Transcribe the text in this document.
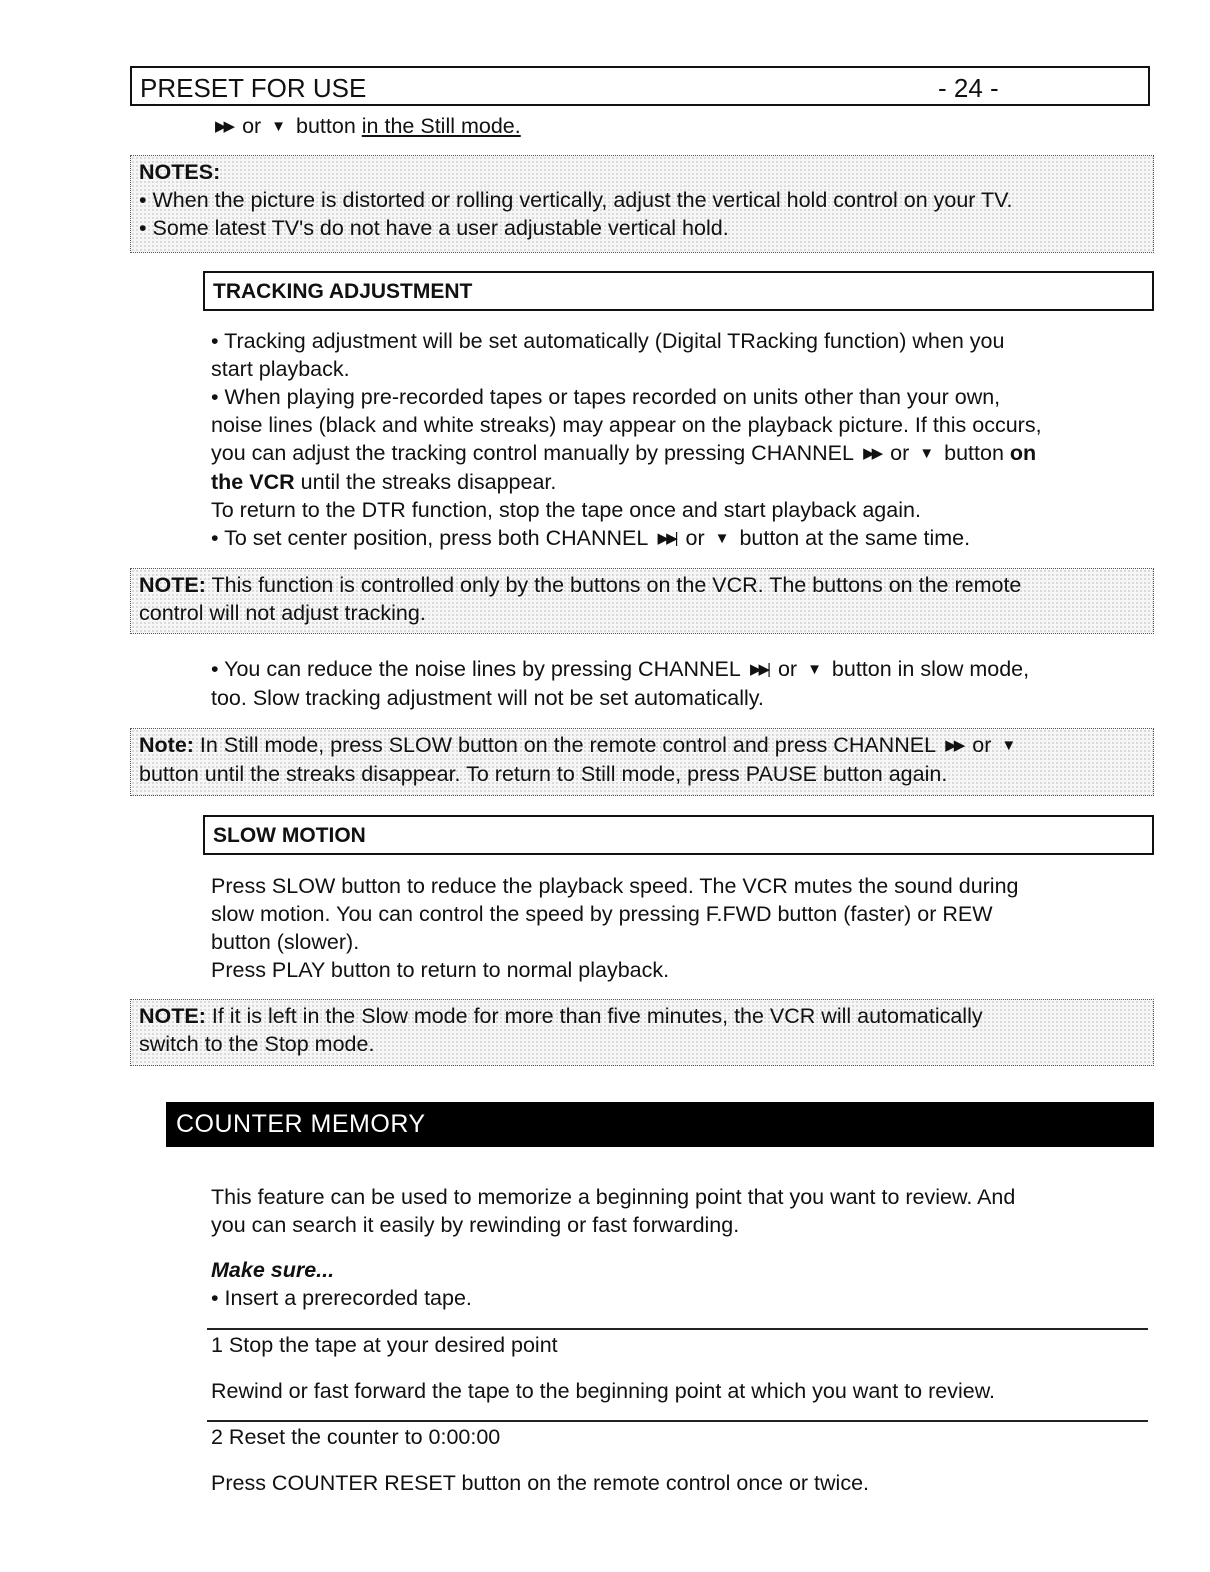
PRESET FOR USE	- 24 -
▶▶ or ▼ button in the Still mode.
NOTES:
• When the picture is distorted or rolling vertically, adjust the vertical hold control on your TV.
• Some latest TV's do not have a user adjustable vertical hold.
TRACKING ADJUSTMENT
• Tracking adjustment will be set automatically (Digital TRacking function) when you
start playback.
• When playing pre-recorded tapes or tapes recorded on units other than your own,
noise lines (black and white streaks) may appear on the playback picture. If this occurs,
you can adjust the tracking control manually by pressing CHANNEL ▶▶ or ▼ button on
the VCR until the streaks disappear.
To return to the DTR function, stop the tape once and start playback again.
• To set center position, press both CHANNEL ▶▶| or ▼ button at the same time.
NOTE: This function is controlled only by the buttons on the VCR. The buttons on the remote
control will not adjust tracking.
• You can reduce the noise lines by pressing CHANNEL ▶▶| or ▼ button in slow mode,
too. Slow tracking adjustment will not be set automatically.
Note: In Still mode, press SLOW button on the remote control and press CHANNEL ▶▶ or ▼
button until the streaks disappear. To return to Still mode, press PAUSE button again.
SLOW MOTION
Press SLOW button to reduce the playback speed. The VCR mutes the sound during
slow motion. You can control the speed by pressing F.FWD button (faster) or REW
button (slower).
Press PLAY button to return to normal playback.
NOTE: If it is left in the Slow mode for more than five minutes, the VCR will automatically
switch to the Stop mode.
COUNTER MEMORY
This feature can be used to memorize a beginning point that you want to review. And
you can search it easily by rewinding or fast forwarding.
Make sure...
• Insert a prerecorded tape.
1 Stop the tape at your desired point
Rewind or fast forward the tape to the beginning point at which you want to review.
2 Reset the counter to 0:00:00
Press COUNTER RESET button on the remote control once or twice.
